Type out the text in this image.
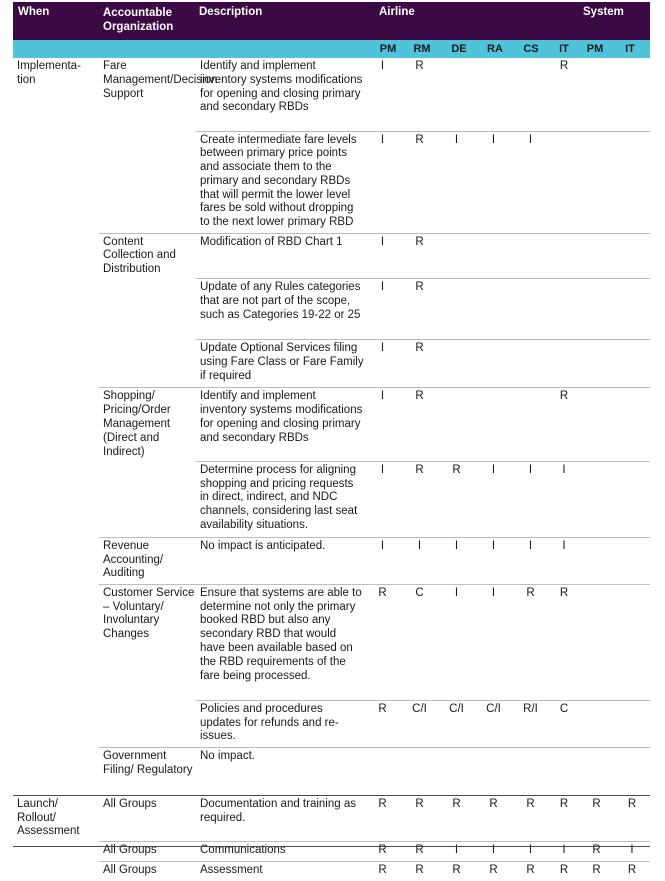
When	Accountable Organization
Description	Airline	System
PM	RM	DE	RA	CS	IT	PM	IT
Implementa-tion	Fare Management/Decision Support	Identify and implement inventory systems modifications for opening and closing primary and secondary RBDs	I	R				R		
		Create intermediate fare levels between primary price points and associate them to the primary and secondary RBDs that will permit the lower level fares be sold without dropping to the next lower primary RBD	I	R	I	I	I			
	Content Collection and Distribution	Modification of RBD Chart 1	I	R						
		Update of any Rules categories that are not part of the scope, such as Categories 19-22 or 25	I	R						
		Update Optional Services filing using Fare Class or Fare Family if required	I	R						
	Shopping/ Pricing/Order Management (Direct and Indirect)	Identify and implement inventory systems modifications for opening and closing primary and secondary RBDs	I	R				R		
		Determine process for aligning shopping and pricing requests in direct, indirect, and NDC channels, considering last seat availability situations.	I	R	R	I	I	I		
	Revenue Accounting/ Auditing	No impact is anticipated.	I	I	I	I	I	I		
	Customer Service – Voluntary/ Involuntary Changes	Ensure that systems are able to determine not only the primary booked RBD but also any secondary RBD that would have been available based on the RBD requirements of the fare being processed.	R	C	I	I	R	R		
		Policies and procedures updates for refunds and re-issues.	R	C/I	C/I	C/I	R/I	C		
	Government Filing/ Regulatory	No impact.								
Launch/ Rollout/ Assessment	All Groups	Documentation and training as required.	R	R	R	R	R	R	R	R
	All Groups	Communications	R	R	I	I	I	I	R	I
	All Groups	Assessment	R	R	R	R	R	R	R	R
